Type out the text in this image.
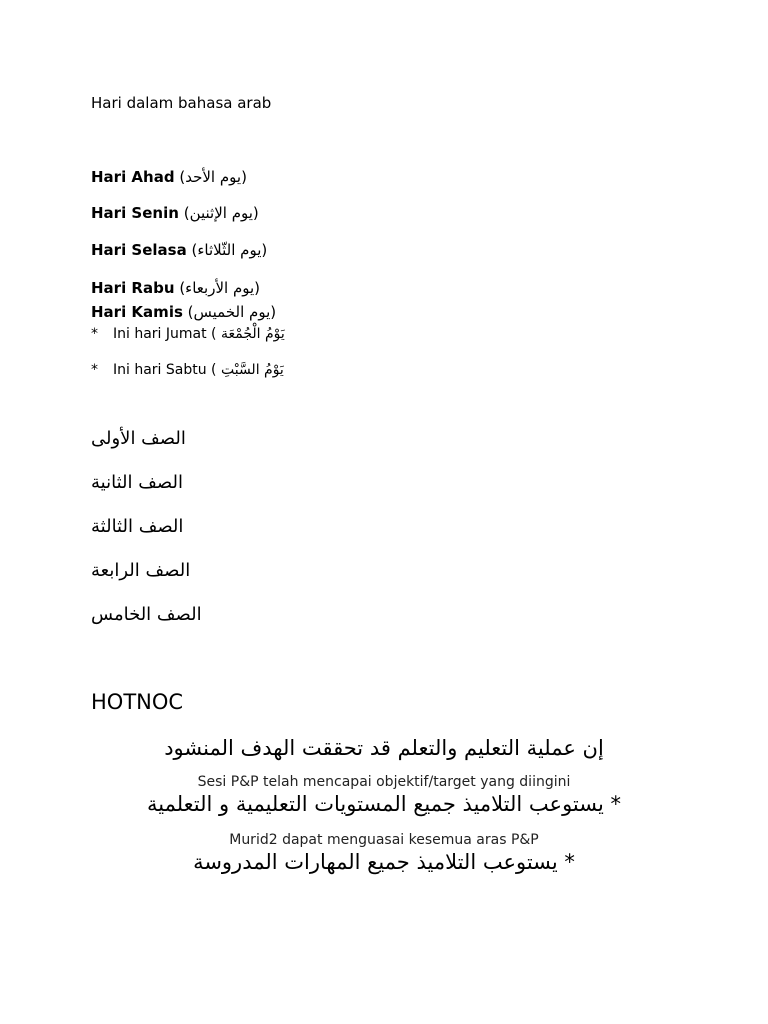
Hari dalam bahasa arab
Hari Ahad (يوم الأحد)
Hari Senin (يوم الإثنين)
Hari Selasa (يوم الثّلاثاء)
Hari Rabu (يوم الأربعاء)
Hari Kamis (يوم الخميس)
* Ini hari Jumat ( يَوْمُ الْجُمْعَة
* Ini hari Sabtu ( يَوْمُ السَّبْتِ
الصف الأولى
الصف الثانية
الصف الثالثة
الصف الرابعة
الصف الخامس
HOTNOC
إن عملية التعليم والتعلم قد تحققت الهدف المنشود
Sesi P&P telah mencapai objektif/target yang diingini
* يستوعب التلاميذ جميع المستويات التعليمية و التعلمية
Murid2 dapat menguasai kesemua aras P&P
* يستوعب التلاميذ جميع المهارات المدروسة
